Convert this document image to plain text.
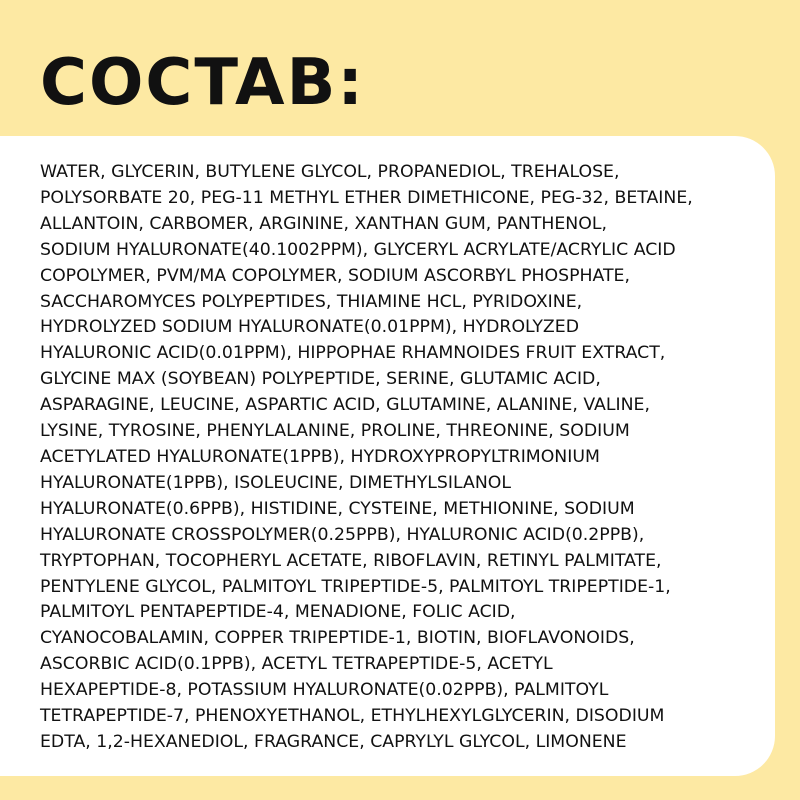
COCTAB:

WATER, GLYCERIN, BUTYLENE GLYCOL, PROPANEDIOL, TREHALOSE,
POLYSORBATE 20, PEG-11 METHYL ETHER DIMETHICONE, PEG-32, BETAINE,
ALLANTOIN, CARBOMER, ARGININE, XANTHAN GUM, PANTHENOL,
SODIUM HYALURONATE(40.1002PPM), GLYCERYL ACRYLATE/ACRYLIC ACID
COPOLYMER, PVM/MA COPOLYMER, SODIUM ASCORBYL PHOSPHATE,
SACCHAROMYCES POLYPEPTIDES, THIAMINE HCL, PYRIDOXINE,
HYDROLYZED SODIUM HYALURONATE(0.01PPM), HYDROLYZED
HYALURONIC ACID(0.01PPM), HIPPOPHAE RHAMNOIDES FRUIT EXTRACT,
GLYCINE MAX (SOYBEAN) POLYPEPTIDE, SERINE, GLUTAMIC ACID,
ASPARAGINE, LEUCINE, ASPARTIC ACID, GLUTAMINE, ALANINE, VALINE,
LYSINE, TYROSINE, PHENYLALANINE, PROLINE, THREONINE, SODIUM
ACETYLATED HYALURONATE(1PPB), HYDROXYPROPYLTRIMONIUM
HYALURONATE(1PPB), ISOLEUCINE, DIMETHYLSILANOL
HYALURONATE(0.6PPB), HISTIDINE, CYSTEINE, METHIONINE, SODIUM
HYALURONATE CROSSPOLYMER(0.25PPB), HYALURONIC ACID(0.2PPB),
TRYPTOPHAN, TOCOPHERYL ACETATE, RIBOFLAVIN, RETINYL PALMITATE,
PENTYLENE GLYCOL, PALMITOYL TRIPEPTIDE-5, PALMITOYL TRIPEPTIDE-1,
PALMITOYL PENTAPEPTIDE-4, MENADIONE, FOLIC ACID,
CYANOCOBALAMIN, COPPER TRIPEPTIDE-1, BIOTIN, BIOFLAVONOIDS,
ASCORBIC ACID(0.1PPB), ACETYL TETRAPEPTIDE-5, ACETYL
HEXAPEPTIDE-8, POTASSIUM HYALURONATE(0.02PPB), PALMITOYL
TETRAPEPTIDE-7, PHENOXYETHANOL, ETHYLHEXYLGLYCERIN, DISODIUM
EDTA, 1,2-HEXANEDIOL, FRAGRANCE, CAPRYLYL GLYCOL, LIMONENE
